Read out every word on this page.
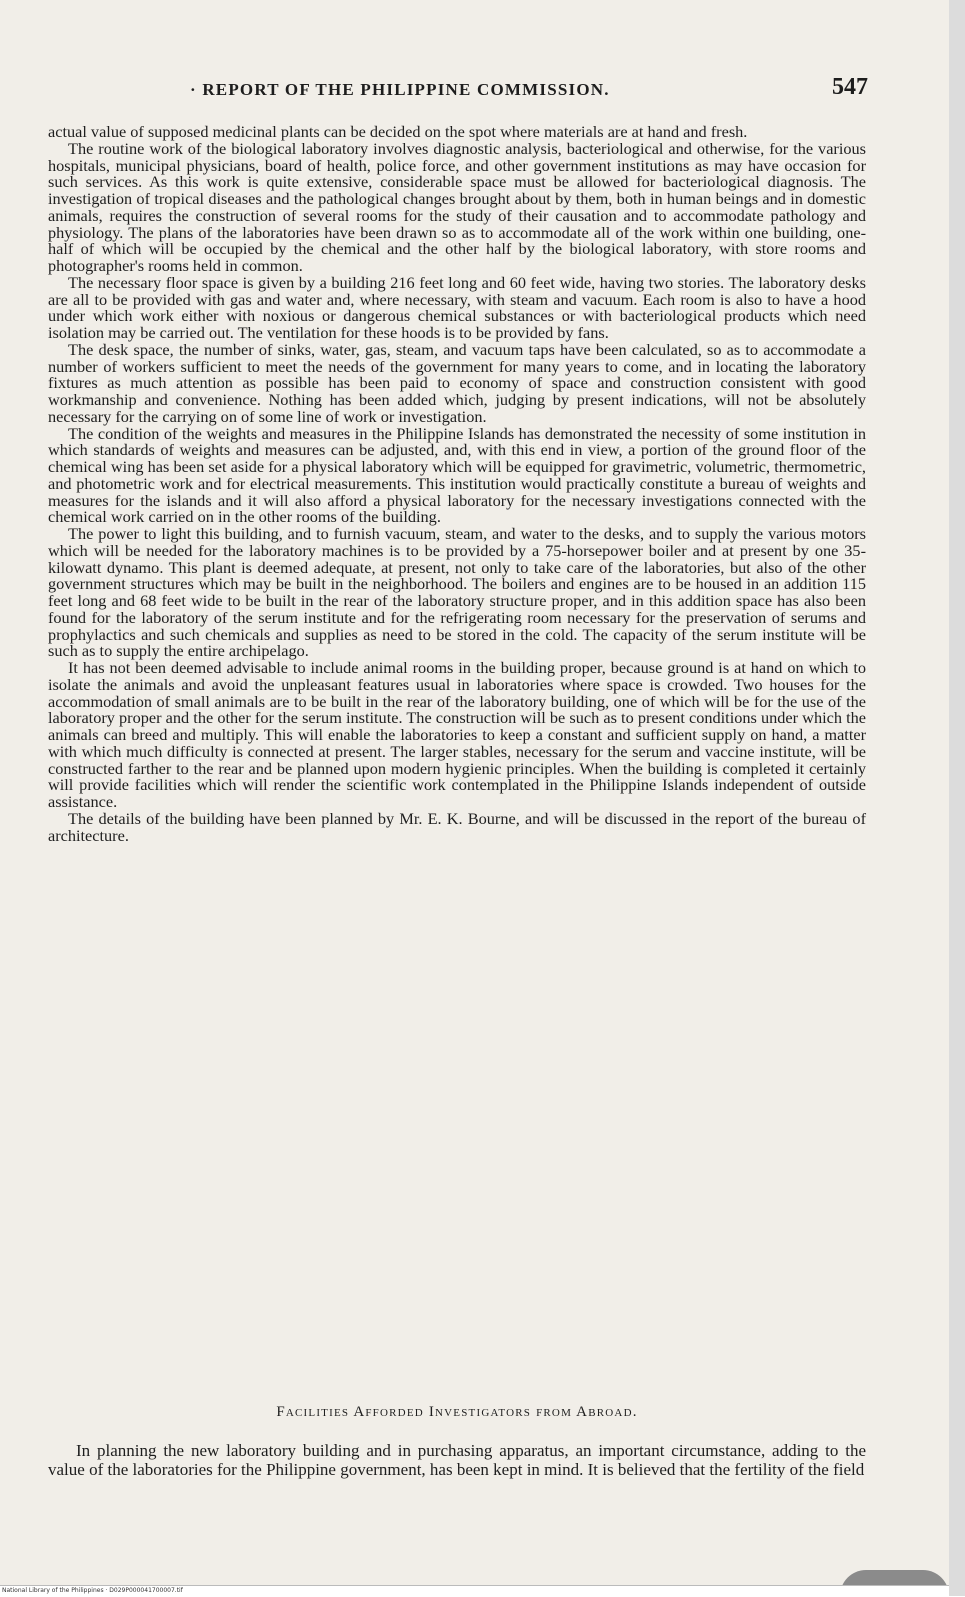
· REPORT OF THE PHILIPPINE COMMISSION.	547

actual value of supposed medicinal plants can be decided on the spot where materials are at hand and fresh.

The routine work of the biological laboratory involves diagnostic analysis, bacteriological and otherwise, for the various hospitals, municipal physicians, board of health, police force, and other government institutions as may have occasion for such services. As this work is quite extensive, considerable space must be allowed for bacteriological diagnosis. The investigation of tropical diseases and the pathological changes brought about by them, both in human beings and in domestic animals, requires the construction of several rooms for the study of their causation and to accommodate pathology and physiology. The plans of the laboratories have been drawn so as to accommodate all of the work within one building, one-half of which will be occupied by the chemical and the other half by the biological laboratory, with store rooms and photographer's rooms held in common.

The necessary floor space is given by a building 216 feet long and 60 feet wide, having two stories. The laboratory desks are all to be provided with gas and water and, where necessary, with steam and vacuum. Each room is also to have a hood under which work either with noxious or dangerous chemical substances or with bacteriological products which need isolation may be carried out. The ventilation for these hoods is to be provided by fans.

The desk space, the number of sinks, water, gas, steam, and vacuum taps have been calculated, so as to accommodate a number of workers sufficient to meet the needs of the government for many years to come, and in locating the laboratory fixtures as much attention as possible has been paid to economy of space and construction consistent with good workmanship and convenience. Nothing has been added which, judging by present indications, will not be absolutely necessary for the carrying on of some line of work or investigation.

The condition of the weights and measures in the Philippine Islands has demonstrated the necessity of some institution in which standards of weights and measures can be adjusted, and, with this end in view, a portion of the ground floor of the chemical wing has been set aside for a physical laboratory which will be equipped for gravimetric, volumetric, thermometric, and photometric work and for electrical measurements. This institution would practically constitute a bureau of weights and measures for the islands and it will also afford a physical laboratory for the necessary investigations connected with the chemical work carried on in the other rooms of the building.

The power to light this building, and to furnish vacuum, steam, and water to the desks, and to supply the various motors which will be needed for the laboratory machines is to be provided by a 75-horsepower boiler and at present by one 35-kilowatt dynamo. This plant is deemed adequate, at present, not only to take care of the laboratories, but also of the other government structures which may be built in the neighborhood. The boilers and engines are to be housed in an addition 115 feet long and 68 feet wide to be built in the rear of the laboratory structure proper, and in this addition space has also been found for the laboratory of the serum institute and for the refrigerating room necessary for the preservation of serums and prophylactics and such chemicals and supplies as need to be stored in the cold. The capacity of the serum institute will be such as to supply the entire archipelago.

It has not been deemed advisable to include animal rooms in the building proper, because ground is at hand on which to isolate the animals and avoid the unpleasant features usual in laboratories where space is crowded. Two houses for the accommodation of small animals are to be built in the rear of the laboratory building, one of which will be for the use of the laboratory proper and the other for the serum institute. The construction will be such as to present conditions under which the animals can breed and multiply. This will enable the laboratories to keep a constant and sufficient supply on hand, a matter with which much difficulty is connected at present. The larger stables, necessary for the serum and vaccine institute, will be constructed farther to the rear and be planned upon modern hygienic principles. When the building is completed it certainly will provide facilities which will render the scientific work contemplated in the Philippine Islands independent of outside assistance.

The details of the building have been planned by Mr. E. K. Bourne, and will be discussed in the report of the bureau of architecture.

Facilities Afforded Investigators from Abroad.

In planning the new laboratory building and in purchasing apparatus, an important circumstance, adding to the value of the laboratories for the Philippine government, has been kept in mind. It is believed that the fertility of the field

National Library of the Philippines · D029P000041700007.tif
